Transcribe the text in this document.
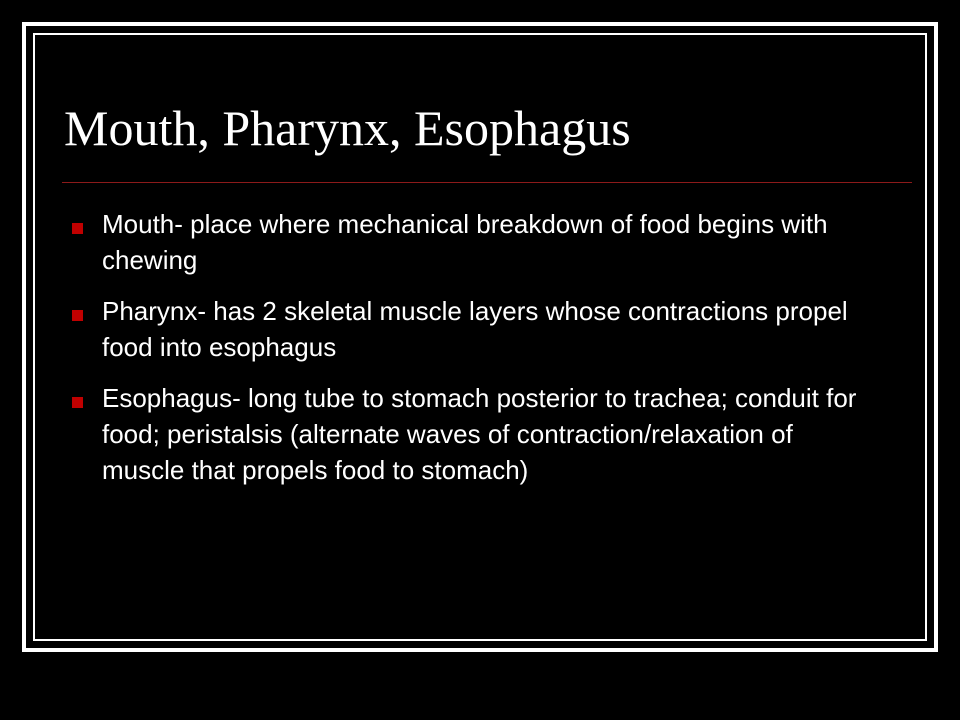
Mouth, Pharynx, Esophagus
Mouth- place where mechanical breakdown of food begins with chewing
Pharynx- has 2 skeletal muscle layers whose contractions propel food into esophagus
Esophagus- long tube to stomach posterior to trachea; conduit for food; peristalsis (alternate waves of contraction/relaxation of muscle that propels food to stomach)
